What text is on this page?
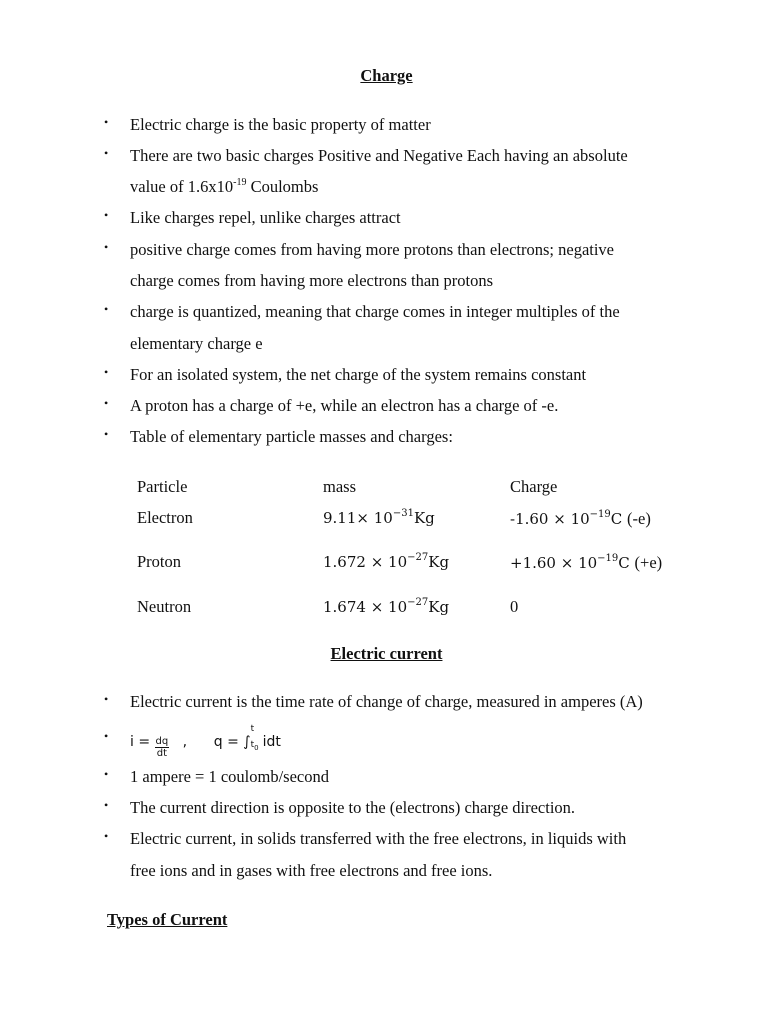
Charge
• Electric charge is the basic property of matter
• There are two basic charges Positive and Negative Each having an absolute
value of $1.6x10^{-19}$ Coulombs
• Like charges repel, unlike charges attract
• positive charge comes from having more protons than electrons; negative
charge comes from having more electrons than protons
• charge is quantized, meaning that charge comes in integer multiples of the
elementary charge e
• For an isolated system, the net charge of the system remains constant
• A proton has a charge of +e, while an electron has a charge of -e.
• Table of elementary particle masses and charges:
Particle	mass	Charge
Electron	$9.11\times 10^{-31}Kg$	$-1.60 \times 10^{-19}C$ (-e)
Proton	$1.672 \times 10^{-27}Kg$	$+1.60 \times 10^{-19}C$ (+e)
Neutron	$1.674 \times 10^{-27}Kg$	0
Electric current
• Electric current is the time rate of change of charge, measured in amperes (A)
• $i = \frac{dq}{dt}$ , q = ∫
t
$t_0$ idt
• 1 ampere = 1 coulomb/second
• The current direction is opposite to the (electrons) charge direction.
• Electric current, in solids transferred with the free electrons, in liquids with
free ions and in gases with free electrons and free ions.
Types of Current
